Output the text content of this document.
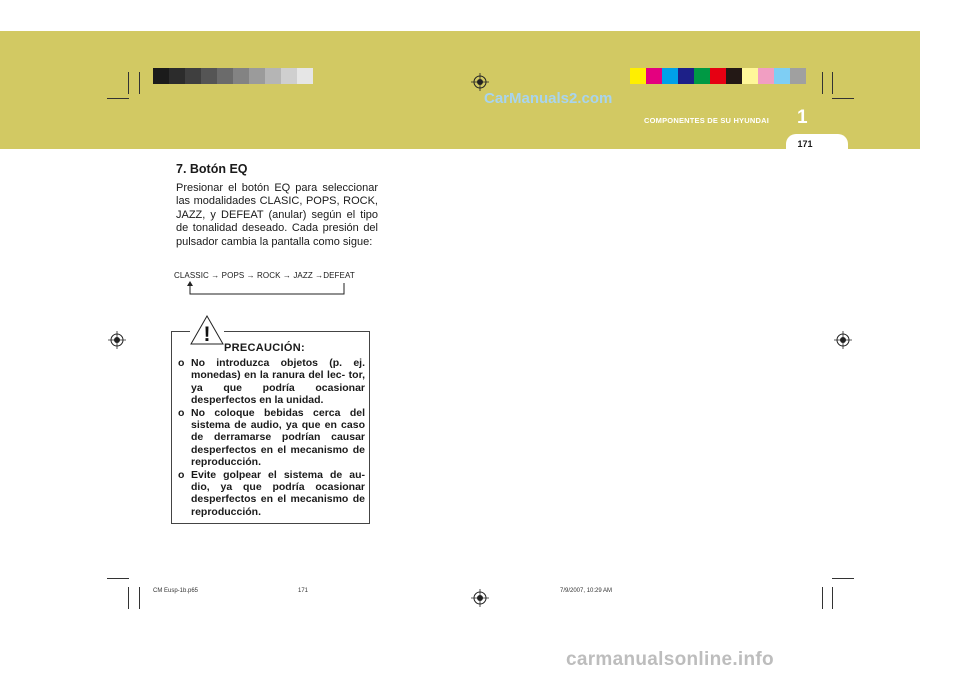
171
COMPONENTES DE SU HYUNDAI 1
CarManuals2.com
7. Botón EQ

Presionar el botón EQ para seleccionar las modalidades CLASIC, POPS, ROCK, JAZZ, y DEFEAT (anular) según el tipo de tonalidad deseado. Cada presión del pulsador cambia la pantalla como sigue:

CLASSIC → POPS → ROCK → JAZZ →DEFEAT
!
PRECAUCIÓN:
o No introduzca objetos (p. ej. monedas) en la ranura del lec- tor, ya que podría ocasionar desperfectos en la unidad.
o No coloque bebidas cerca del sistema de audio, ya que en caso de derramarse podrían causar desperfectos en el mecanismo de reproducción.
o Evite golpear el sistema de au- dio, ya que podría ocasionar desperfectos en el mecanismo de reproducción.
CM Eusp-1b.p65	171	7/9/2007, 10:29 AM
carmanualsonline.info
